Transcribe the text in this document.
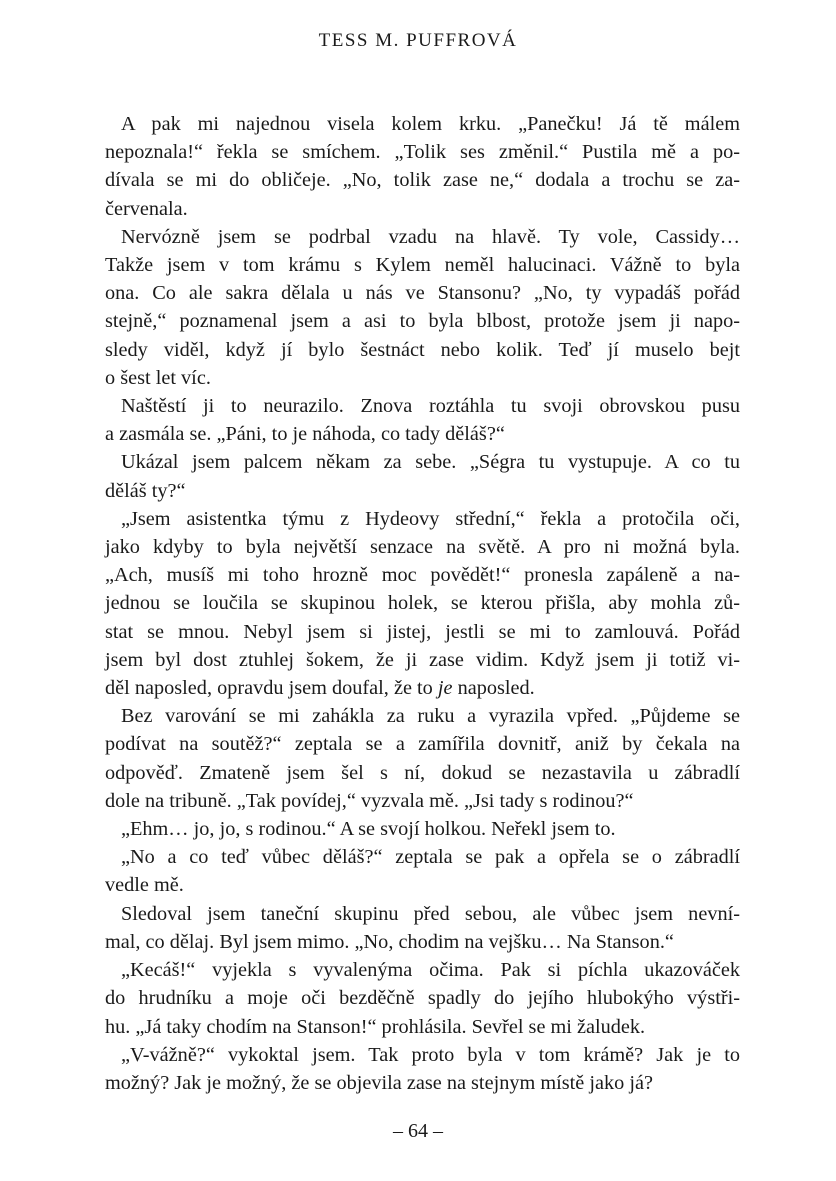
TESS M. PUFFROVÁ

A pak mi najednou visela kolem krku. „Panečku! Já tě málem

nepoznala!“ řekla se smíchem. „Tolik ses změnil.“ Pustila mě a po-

dívala se mi do obličeje. „No, tolik zase ne,“ dodala a trochu se za-

červenala.

Nervózně jsem se podrbal vzadu na hlavě. Ty vole, Cassidy…

Takže jsem v tom krámu s Kylem neměl halucinaci. Vážně to byla

ona. Co ale sakra dělala u nás ve Stansonu? „No, ty vypadáš pořád

stejně,“ poznamenal jsem a asi to byla blbost, protože jsem ji napo-

sledy viděl, když jí bylo šestnáct nebo kolik. Teď jí muselo bejt

o šest let víc.

Naštěstí ji to neurazilo. Znova roztáhla tu svoji obrovskou pusu

a zasmála se. „Páni, to je náhoda, co tady děláš?“

Ukázal jsem palcem někam za sebe. „Ségra tu vystupuje. A co tu

děláš ty?“

„Jsem asistentka týmu z Hydeovy střední,“ řekla a protočila oči,

jako kdyby to byla největší senzace na světě. A pro ni možná byla.

„Ach, musíš mi toho hrozně moc povědět!“ pronesla zapáleně a na-

jednou se loučila se skupinou holek, se kterou přišla, aby mohla zů-

stat se mnou. Nebyl jsem si jistej, jestli se mi to zamlouvá. Pořád

jsem byl dost ztuhlej šokem, že ji zase vidim. Když jsem ji totiž vi-

děl naposled, opravdu jsem doufal, že to je naposled.

Bez varování se mi zahákla za ruku a vyrazila vpřed. „Půjdeme se

podívat na soutěž?“ zeptala se a zamířila dovnitř, aniž by čekala na

odpověď. Zmateně jsem šel s ní, dokud se nezastavila u zábradlí

dole na tribuně. „Tak povídej,“ vyzvala mě. „Jsi tady s rodinou?“

„Ehm… jo, jo, s rodinou.“ A se svojí holkou. Neřekl jsem to.

„No a co teď vůbec děláš?“ zeptala se pak a opřela se o zábradlí

vedle mě.

Sledoval jsem taneční skupinu před sebou, ale vůbec jsem nevní-

mal, co dělaj. Byl jsem mimo. „No, chodim na vejšku… Na Stanson.“

„Kecáš!“ vyjekla s vyvalenýma očima. Pak si píchla ukazováček

do hrudníku a moje oči bezděčně spadly do jejího hlubokýho výstři-

hu. „Já taky chodím na Stanson!“ prohlásila. Sevřel se mi žaludek.

„V-vážně?“ vykoktal jsem. Tak proto byla v tom krámě? Jak je to

možný? Jak je možný, že se objevila zase na stejnym místě jako já?

– 64 –
